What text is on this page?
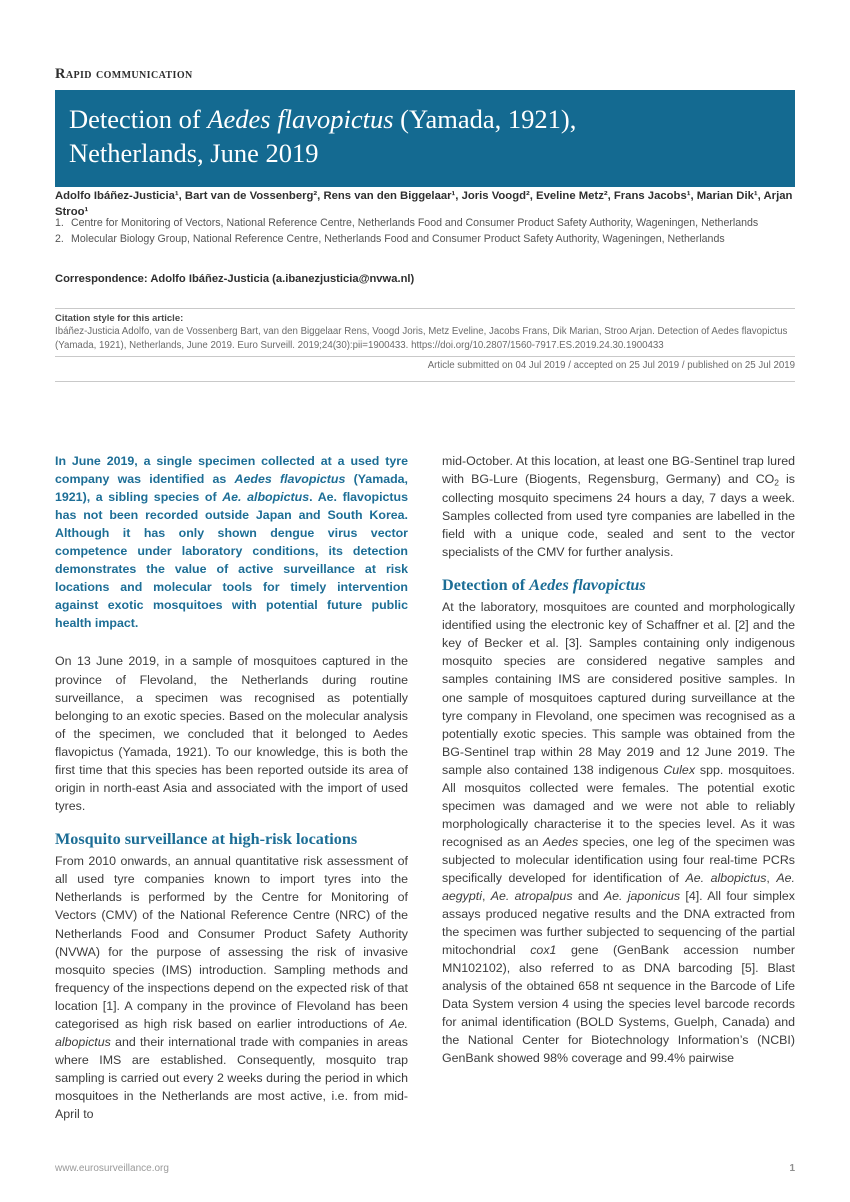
Rapid communication
Detection of Aedes flavopictus (Yamada, 1921),
Netherlands, June 2019
Adolfo Ibáñez-Justicia¹, Bart van de Vossenberg², Rens van den Biggelaar¹, Joris Voogd², Eveline Metz², Frans Jacobs¹, Marian Dik¹, Arjan Stroo¹
1. Centre for Monitoring of Vectors, National Reference Centre, Netherlands Food and Consumer Product Safety Authority, Wageningen, Netherlands
2. Molecular Biology Group, National Reference Centre, Netherlands Food and Consumer Product Safety Authority, Wageningen, Netherlands
Correspondence: Adolfo Ibáñez-Justicia (a.ibanezjusticia@nvwa.nl)
Citation style for this article:
Ibáñez-Justicia Adolfo, van de Vossenberg Bart, van den Biggelaar Rens, Voogd Joris, Metz Eveline, Jacobs Frans, Dik Marian, Stroo Arjan. Detection of Aedes flavopictus (Yamada, 1921), Netherlands, June 2019. Euro Surveill. 2019;24(30):pii=1900433. https://doi.org/10.2807/1560-7917.ES.2019.24.30.1900433
Article submitted on 04 Jul 2019 / accepted on 25 Jul 2019 / published on 25 Jul 2019

In June 2019, a single specimen collected at a used tyre company was identified as Aedes flavopictus (Yamada, 1921), a sibling species of Ae. albopictus. Ae. flavopictus has not been recorded outside Japan and South Korea. Although it has only shown dengue virus vector competence under laboratory conditions, its detection demonstrates the value of active surveillance at risk locations and molecular tools for timely intervention against exotic mosquitoes with potential future public health impact.

On 13 June 2019, in a sample of mosquitoes captured in the province of Flevoland, the Netherlands during routine surveillance, a specimen was recognised as potentially belonging to an exotic species. Based on the molecular analysis of the specimen, we concluded that it belonged to Aedes flavopictus (Yamada, 1921). To our knowledge, this is both the first time that this species has been reported outside its area of origin in north-east Asia and associated with the import of used tyres.

Mosquito surveillance at high-risk locations

From 2010 onwards, an annual quantitative risk assessment of all used tyre companies known to import tyres into the Netherlands is performed by the Centre for Monitoring of Vectors (CMV) of the National Reference Centre (NRC) of the Netherlands Food and Consumer Product Safety Authority (NVWA) for the purpose of assessing the risk of invasive mosquito species (IMS) introduction. Sampling methods and frequency of the inspections depend on the expected risk of that location [1]. A company in the province of Flevoland has been categorised as high risk based on earlier introductions of Ae. albopictus and their international trade with companies in areas where IMS are established. Consequently, mosquito trap sampling is carried out every 2 weeks during the period in which mosquitoes in the Netherlands are most active, i.e. from mid-April to

mid-October. At this location, at least one BG-Sentinel trap lured with BG-Lure (Biogents, Regensburg, Germany) and $CO_2$ is collecting mosquito specimens 24 hours a day, 7 days a week. Samples collected from used tyre companies are labelled in the field with a unique code, sealed and sent to the vector specialists of the CMV for further analysis.

Detection of Aedes flavopictus

At the laboratory, mosquitoes are counted and morphologically identified using the electronic key of Schaffner et al. [2] and the key of Becker et al. [3]. Samples containing only indigenous mosquito species are considered negative samples and samples containing IMS are considered positive samples. In one sample of mosquitoes captured during surveillance at the tyre company in Flevoland, one specimen was recognised as a potentially exotic species. This sample was obtained from the BG-Sentinel trap within 28 May 2019 and 12 June 2019. The sample also contained 138 indigenous Culex spp. mosquitoes. All mosquitos collected were females. The potential exotic specimen was damaged and we were not able to reliably morphologically characterise it to the species level. As it was recognised as an Aedes species, one leg of the specimen was subjected to molecular identification using four real-time PCRs specifically developed for identification of Ae. albopictus, Ae. aegypti, Ae. atropalpus and Ae. japonicus [4]. All four simplex assays produced negative results and the DNA extracted from the specimen was further subjected to sequencing of the partial mitochondrial cox1 gene (GenBank accession number MN102102), also referred to as DNA barcoding [5]. Blast analysis of the obtained 658 nt sequence in the Barcode of Life Data System version 4 using the species level barcode records for animal identification (BOLD Systems, Guelph, Canada) and the National Center for Biotechnology Information’s (NCBI) GenBank showed 98% coverage and 99.4% pairwise

www.eurosurveillance.org	1
